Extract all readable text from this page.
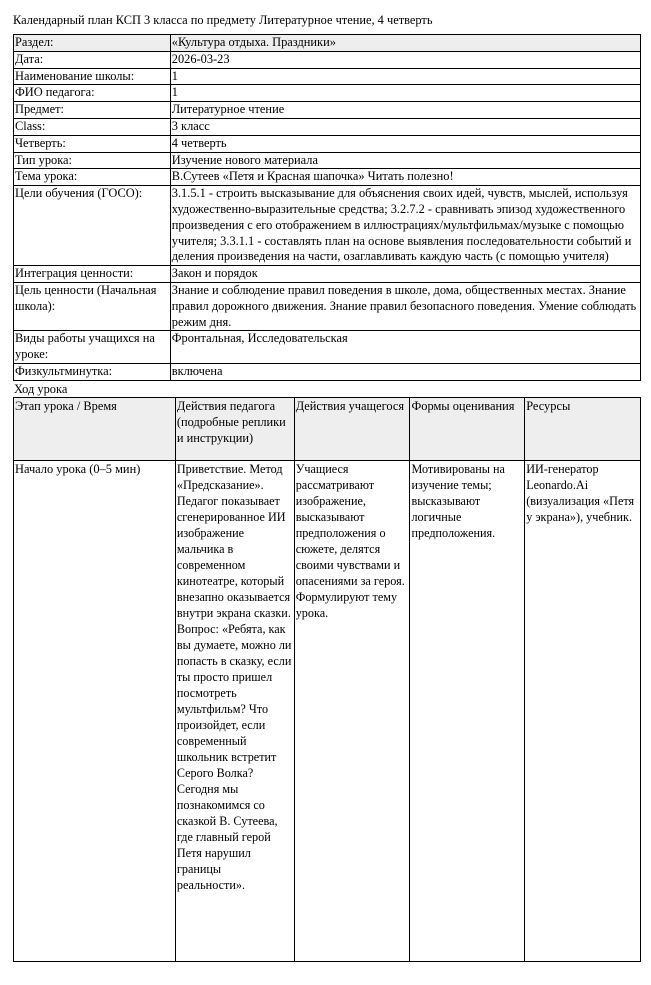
Календарный план КСП 3 класса по предмету Литературное чтение, 4 четверть

Раздел:	«Культура отдыха. Праздники»
Дата:	2026-03-23
Наименование школы:	1
ФИО педагога:	1
Предмет:	Литературное чтение
Class:	3 класс
Четверть:	4 четверть
Тип урока:	Изучение нового материала
Тема урока:	В.Сутеев «Петя и Красная шапочка» Читать полезно!
Цели обучения (ГОСО):	3.1.5.1 - строить высказывание для объяснения своих идей, чувств, мыслей, используя художественно-выразительные средства; 3.2.7.2 - сравнивать эпизод художественного произведения с его отображением в иллюстрациях/мультфильмах/музыке с помощью учителя; 3.3.1.1 - составлять план на основе выявления последовательности событий и деления произведения на части, озаглавливать каждую часть (с помощью учителя)
Интеграция ценности:	Закон и порядок
Цель ценности (Начальная школа):	Знание и соблюдение правил поведения в школе, дома, общественных местах. Знание правил дорожного движения. Знание правил безопасного поведения. Умение соблюдать режим дня.
Виды работы учащихся на уроке:	Фронтальная, Исследовательская
Физкультминутка:	включена

Ход урока

Этап урока / Время	Действия педагога (подробные реплики и инструкции)	Действия учащегося	Формы оценивания	Ресурсы
Начало урока (0–5 мин)	Приветствие. Метод «Предсказание». Педагог показывает сгенерированное ИИ изображение мальчика в современном кинотеатре, который внезапно оказывается внутри экрана сказки. Вопрос: «Ребята, как вы думаете, можно ли попасть в сказку, если ты просто пришел посмотреть мультфильм? Что произойдет, если современный школьник встретит Серого Волка? Сегодня мы познакомимся со сказкой В. Сутеева, где главный герой Петя нарушил границы реальности».	Учащиеся рассматривают изображение, высказывают предположения о сюжете, делятся своими чувствами и опасениями за героя. Формулируют тему урока.	Мотивированы на изучение темы; высказывают логичные предположения.	ИИ-генератор Leonardo.Ai (визуализация «Петя у экрана»), учебник.
